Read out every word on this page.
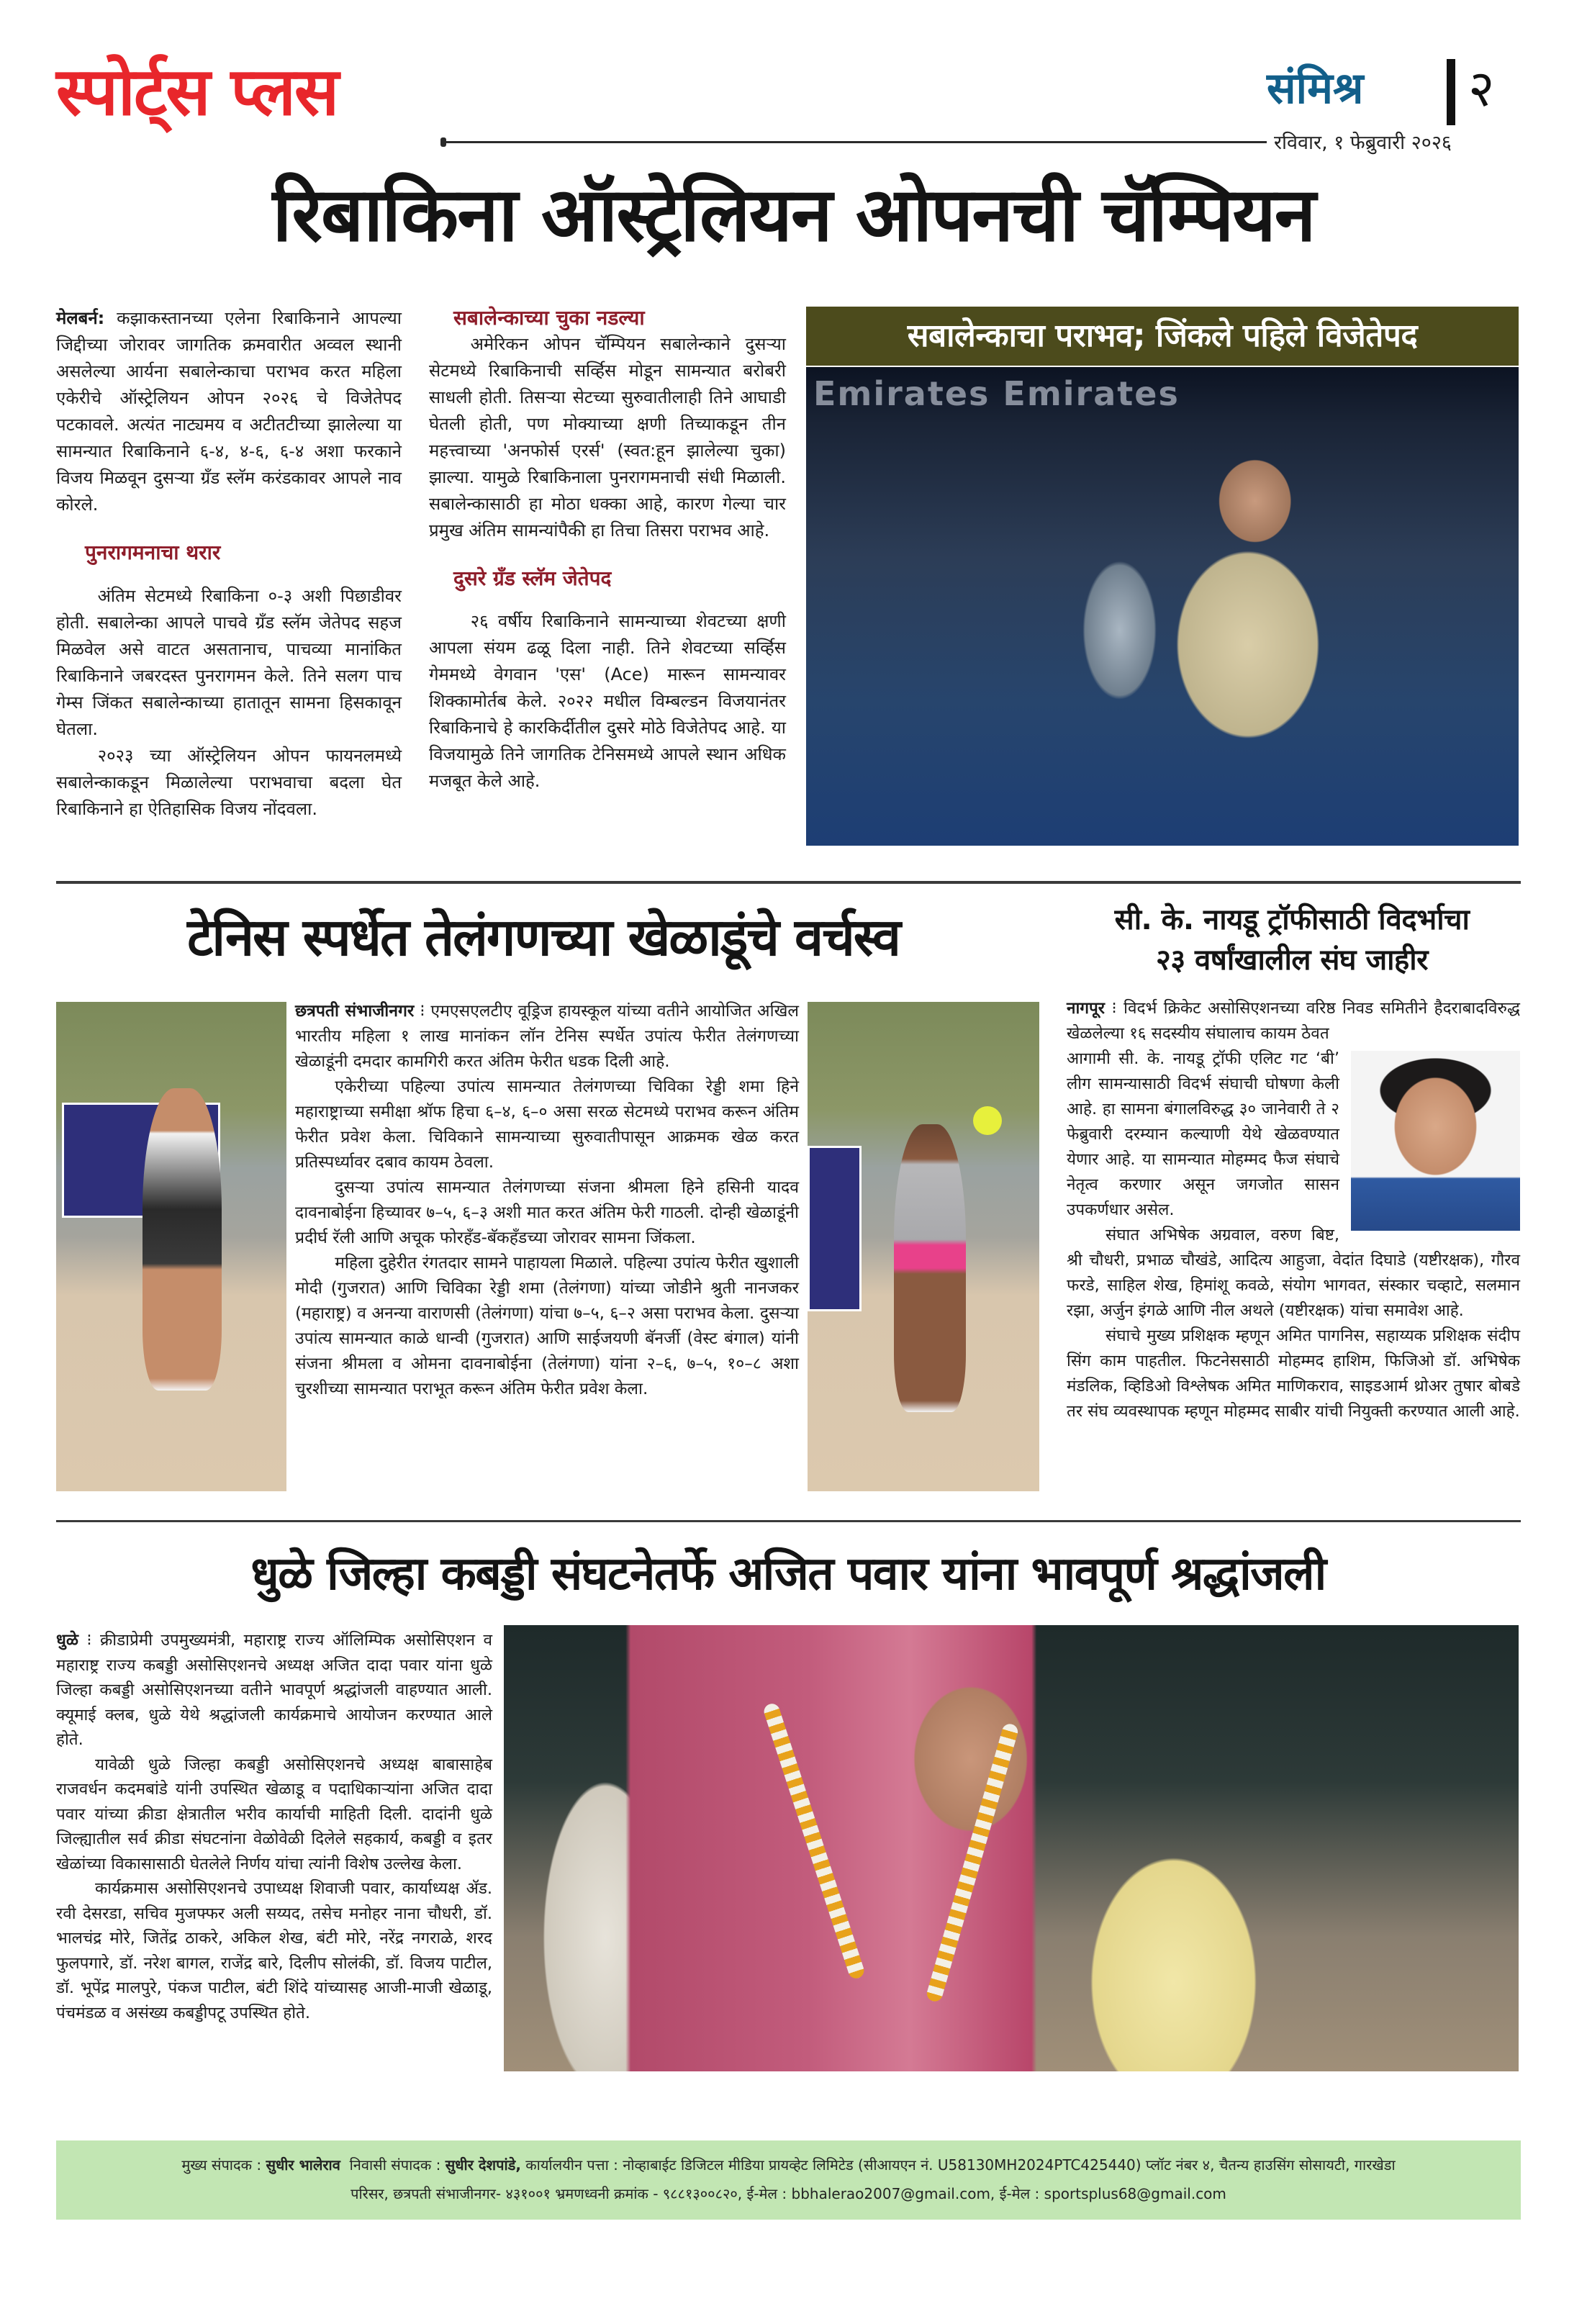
स्पोर्ट्स प्लस	संमिश्र २
रविवार, १ फेब्रुवारी २०२६
रिबाकिना ऑस्ट्रेलियन ओपनची चॅम्पियन

मेलबर्न: कझाकस्तानच्या एलेना रिबाकिनाने आपल्या जिद्दीच्या जोरावर जागतिक क्रमवारीत अव्वल स्थानी असलेल्या आर्यना सबालेन्काचा पराभव करत महिला एकेरीचे ऑस्ट्रेलियन ओपन २०२६ चे विजेतेपद पटकावले. अत्यंत नाट्यमय व अटीतटीच्या झालेल्या या सामन्यात रिबाकिनाने ६-४, ४-६, ६-४ अशा फरकाने विजय मिळवून दुसऱ्या ग्रँड स्लॅम करंडकावर आपले नाव कोरले.

पुनरागमनाचा थरार

अंतिम सेटमध्ये रिबाकिना ०-३ अशी पिछाडीवर होती. सबालेन्का आपले पाचवे ग्रँड स्लॅम जेतेपद सहज मिळवेल असे वाटत असतानाच, पाचव्या मानांकित रिबाकिनाने जबरदस्त पुनरागमन केले. तिने सलग पाच गेम्स जिंकत सबालेन्काच्या हातातून सामना हिसकावून घेतला.

२०२३ च्या ऑस्ट्रेलियन ओपन फायनलमध्ये सबालेन्काकडून मिळालेल्या पराभवाचा बदला घेत रिबाकिनाने हा ऐतिहासिक विजय नोंदवला.

सबालेन्काच्या चुका नडल्या

अमेरिकन ओपन चॅम्पियन सबालेन्काने दुसऱ्या सेटमध्ये रिबाकिनाची सर्व्हिस मोडून सामन्यात बरोबरी साधली होती. तिसऱ्या सेटच्या सुरुवातीलाही तिने आघाडी घेतली होती, पण मोक्याच्या क्षणी तिच्याकडून तीन महत्त्वाच्या 'अनफोर्स एरर्स' (स्वत:हून झालेल्या चुका) झाल्या. यामुळे रिबाकिनाला पुनरागमनाची संधी मिळाली. सबालेन्कासाठी हा मोठा धक्का आहे, कारण गेल्या चार प्रमुख अंतिम सामन्यांपैकी हा तिचा तिसरा पराभव आहे.

दुसरे ग्रँड स्लॅम जेतेपद

२६ वर्षीय रिबाकिनाने सामन्याच्या शेवटच्या क्षणी आपला संयम ढळू दिला नाही. तिने शेवटच्या सर्व्हिस गेममध्ये वेगवान 'एस' (Ace) मारून सामन्यावर शिक्कामोर्तब केले. २०२२ मधील विम्बल्डन विजयानंतर रिबाकिनाचे हे कारकिर्दीतील दुसरे मोठे विजेतेपद आहे. या विजयामुळे तिने जागतिक टेनिसमध्ये आपले स्थान अधिक मजबूत केले आहे.

सबालेन्काचा पराभव; जिंकले पहिले विजेतेपद
Emirates Emirates
टेनिस स्पर्धेत तेलंगणच्या खेळाडूंचे वर्चस्व

छत्रपती संभाजीनगर ⁝ एमएसएलटीए वूड्रिज हायस्कूल यांच्या वतीने आयोजित अखिल भारतीय महिला १ लाख मानांकन लॉन टेनिस स्पर्धेत उपांत्य फेरीत तेलंगणच्या खेळाडूंनी दमदार कामगिरी करत अंतिम फेरीत धडक दिली आहे.

एकेरीच्या पहिल्या उपांत्य सामन्यात तेलंगणच्या चिविका रेड्डी शमा हिने महाराष्ट्राच्या समीक्षा श्रॉफ हिचा ६–४, ६–० असा सरळ सेटमध्ये पराभव करून अंतिम फेरीत प्रवेश केला. चिविकाने सामन्याच्या सुरुवातीपासून आक्रमक खेळ करत प्रतिस्पर्ध्यावर दबाव कायम ठेवला.

दुसऱ्या उपांत्य सामन्यात तेलंगणच्या संजना श्रीमला हिने हसिनी यादव दावनाबोईना हिच्यावर ७–५, ६–३ अशी मात करत अंतिम फेरी गाठली. दोन्ही खेळाडूंनी प्रदीर्घ रॅली आणि अचूक फोरहँड-बॅकहँडच्या जोरावर सामना जिंकला.

महिला दुहेरीत रंगतदार सामने पाहायला मिळाले. पहिल्या उपांत्य फेरीत खुशाली मोदी (गुजरात) आणि चिविका रेड्डी शमा (तेलंगणा) यांच्या जोडीने श्रुती नानजकर (महाराष्ट्र) व अनन्या वाराणसी (तेलंगणा) यांचा ७–५, ६–२ असा पराभव केला. दुसऱ्या उपांत्य सामन्यात काळे धान्वी (गुजरात) आणि साईजयणी बॅनर्जी (वेस्ट बंगाल) यांनी संजना श्रीमला व ओमना दावनाबोईना (तेलंगणा) यांना २–६, ७–५, १०–८ अशा चुरशीच्या सामन्यात पराभूत करून अंतिम फेरीत प्रवेश केला.

सी. के. नायडू ट्रॉफीसाठी विदर्भाचा
२३ वर्षांखालील संघ जाहीर

नागपूर ⁝ विदर्भ क्रिकेट असोसिएशनच्या वरिष्ठ निवड समितीने हैदराबादविरुद्ध खेळलेल्या १६ सदस्यीय संघालाच कायम ठेवत

आगामी सी. के. नायडू ट्रॉफी एलिट गट ‘बी’ लीग सामन्यासाठी विदर्भ संघाची घोषणा केली आहे. हा सामना बंगालविरुद्ध ३० जानेवारी ते २ फेब्रुवारी दरम्यान कल्याणी येथे खेळवण्यात येणार आहे. या सामन्यात मोहम्मद फैज संघाचे नेतृत्व करणार असून जगजोत सासन उपकर्णधार असेल.

संघात अभिषेक अग्रवाल, वरुण बिष्ट, श्री चौधरी, प्रभाळ चौखंडे, आदित्य आहुजा, वेदांत दिघाडे (यष्टीरक्षक), गौरव फरडे, साहिल शेख, हिमांशू कवळे, संयोग भागवत, संस्कार चव्हाटे, सलमान रझा, अर्जुन इंगळे आणि नील अथले (यष्टीरक्षक) यांचा समावेश आहे.

संघाचे मुख्य प्रशिक्षक म्हणून अमित पागनिस, सहाय्यक प्रशिक्षक संदीप सिंग काम पाहतील. फिटनेससाठी मोहम्मद हाशिम, फिजिओ डॉ. अभिषेक मंडलिक, व्हिडिओ विश्लेषक अमित माणिकराव, साइडआर्म थ्रोअर तुषार बोबडे तर संघ व्यवस्थापक म्हणून मोहम्मद साबीर यांची नियुक्ती करण्यात आली आहे.

धुळे जिल्हा कबड्डी संघटनेतर्फे अजित पवार यांना भावपूर्ण श्रद्धांजली

धुळे ⁝ क्रीडाप्रेमी उपमुख्यमंत्री, महाराष्ट्र राज्य ऑलिम्पिक असोसिएशन व महाराष्ट्र राज्य कबड्डी असोसिएशनचे अध्यक्ष अजित दादा पवार यांना धुळे जिल्हा कबड्डी असोसिएशनच्या वतीने भावपूर्ण श्रद्धांजली वाहण्यात आली. क्यूमाई क्लब, धुळे येथे श्रद्धांजली कार्यक्रमाचे आयोजन करण्यात आले होते.

यावेळी धुळे जिल्हा कबड्डी असोसिएशनचे अध्यक्ष बाबासाहेब राजवर्धन कदमबांडे यांनी उपस्थित खेळाडू व पदाधिकाऱ्यांना अजित दादा पवार यांच्या क्रीडा क्षेत्रातील भरीव कार्याची माहिती दिली. दादांनी धुळे जिल्ह्यातील सर्व क्रीडा संघटनांना वेळोवेळी दिलेले सहकार्य, कबड्डी व इतर खेळांच्या विकासासाठी घेतलेले निर्णय यांचा त्यांनी विशेष उल्लेख केला.

कार्यक्रमास असोसिएशनचे उपाध्यक्ष शिवाजी पवार, कार्याध्यक्ष ॲड. रवी देसरडा, सचिव मुजफ्फर अली सय्यद, तसेच मनोहर नाना चौधरी, डॉ. भालचंद्र मोरे, जितेंद्र ठाकरे, अकिल शेख, बंटी मोरे, नरेंद्र नगराळे, शरद फुलपगारे, डॉ. नरेश बागल, राजेंद्र बारे, दिलीप सोलंकी, डॉ. विजय पाटील, डॉ. भूपेंद्र मालपुरे, पंकज पाटील, बंटी शिंदे यांच्यासह आजी-माजी खेळाडू, पंचमंडळ व असंख्य कबड्डीपटू उपस्थित होते.

मुख्य संपादक : सुधीर भालेराव निवासी संपादक : सुधीर देशपांडे, कार्यालयीन पत्ता : नोव्हाबाईट डिजिटल मीडिया प्रायव्हेट लिमिटेड (सीआयएन नं. U58130MH2024PTC425440) प्लॉट नंबर ४, चैतन्य हाउसिंग सोसायटी, गारखेडा
परिसर, छत्रपती संभाजीनगर- ४३१००१ भ्रमणध्वनी क्रमांक - ९८८१३००८२०, ई-मेल : bbhalerao2007@gmail.com, ई-मेल : sportsplus68@gmail.com
